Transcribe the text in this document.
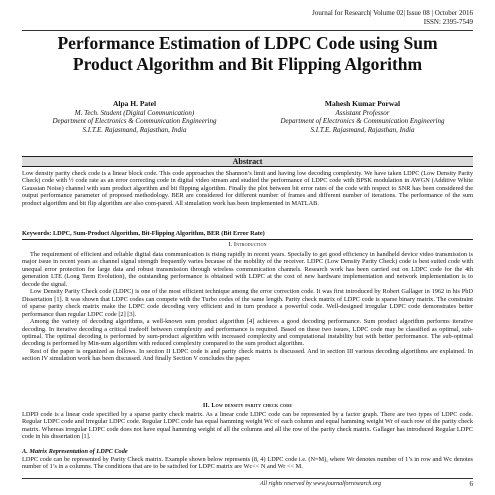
Journal for Research| Volume 02| Issue 08 | October 2016
ISSN: 2395-7549
Performance Estimation of LDPC Code using Sum Product Algorithm and Bit Flipping Algorithm
Alpa H. Patel
M. Tech. Student (Digital Communication)
Department of Electronics & Communication Engineering
S.I.T.E. Rajasmand, Rajasthan, India
Mahesh Kumar Porwal
Assistant Professor
Department of Electronics & Communication Engineering
S.I.T.E. Rajasmand, Rajasthan, India
Abstract
Low density parity check code is a linear block code. This code approaches the Shannon’s limit and having low decoding complexity. We have taken LDPC (Low Density Parity Check) code with ½ code rate as an error correcting code in digital video stream and studied the performance of LDPC code with BPSK modulation in AWGN (Additive White Gaussian Noise) channel with sum product algorithm and bit flipping algorithm. Finally the plot between bit error rates of the code with respect to SNR has been considered the output performance parameter of proposed methodology. BER are considered for different number of frames and different number of iterations. The performance of the sum product algorithm and bit flip algorithm are also com-pared. All simulation work has been implemented in MATLAB.
Keywords: LDPC, Sum-Product Algorithm, Bit-Flipping Algorithm, BER (Bit Error Rate)
I. Introduction

The requirement of efficient and reliable digital data communication is rising rapidly in recent years. Specially to get good efficiency in handheld device video transmission is major issue in recent years as channel signal strength frequently varies because of the mobility of the receiver. LDPC (Low Density Parity Check) code is best suited code with unequal error protection for large data and robust transmission through wireless communication channels. Research work has been carried out on LDPC code for the 4th generation LTE (Long Term Evolution), the outstanding performance is obtained with LDPC at the cost of new hardware implementation and network implementation is to decode the signal.

Low Density Parity Check code (LDPC) is one of the most efficient technique among the error correction code. It was first introduced by Robert Gallager in 1962 in his PhD Dissertation [1]. It was shown that LDPC codes can compete with the Turbo codes of the same length. Parity check matrix of LDPC code is sparse binary matrix. The constraint of sparse parity check matrix make the LDPC code decoding very efficient and in turn produce a powerful code. Well-designed irregular LDPC code demonstrates better performance than regular LDPC code [2] [3].

Among the variety of decoding algorithms, a well-known sum product algorithm [4] achieves a good decoding performance. Sum product algorithm performs iterative decoding. In iterative decoding a critical tradeoff between complexity and performance is required. Based on these two issues, LDPC code may be classified as optimal, sub-optimal. The optimal decoding is performed by sum-product algorithm with increased complexity and computational instability but with better performance. The sub-optimal decoding is performed by Min-sum algorithm with reduced complexity compared to the sum product algorithm.

Rest of the paper is organized as follows. In section II LDPC code is and parity check matrix is discussed. And in section III various decoding algorithms are explained. In section IV simulation work has been discussed. And finally Section V concludes the paper.

II. Low density parity check code

LDPD code is a linear code specified by a sparse parity check matrix. As a linear code LDPC code can be represented by a factor graph. There are two types of LDPC code. Regular LDPC code and Irregular LDPC code. Regular LDPC code has equal hamming weight Wc of each column and equal hamming weight Wr of each row of the parity check matrix. Whereas irregular LDPC code does not have equal hamming weight of all the columns and all the row of the parity check matrix. Gallager has introduced Regular LDPC code in his dissertation [1].

A. Matrix Representation of LDPC Code

LDPC code can be represented by Parity Check matrix. Example shown below represents (8, 4) LDPC code i.e. (N=M), where Wr denotes number of 1’s in row and Wc denotes number of 1’s in a columns. The conditions that are to be satisfied for LDPC matrix are Wc<< N and Wr << M.

All rights reserved by www.journalforresearch.org	6
